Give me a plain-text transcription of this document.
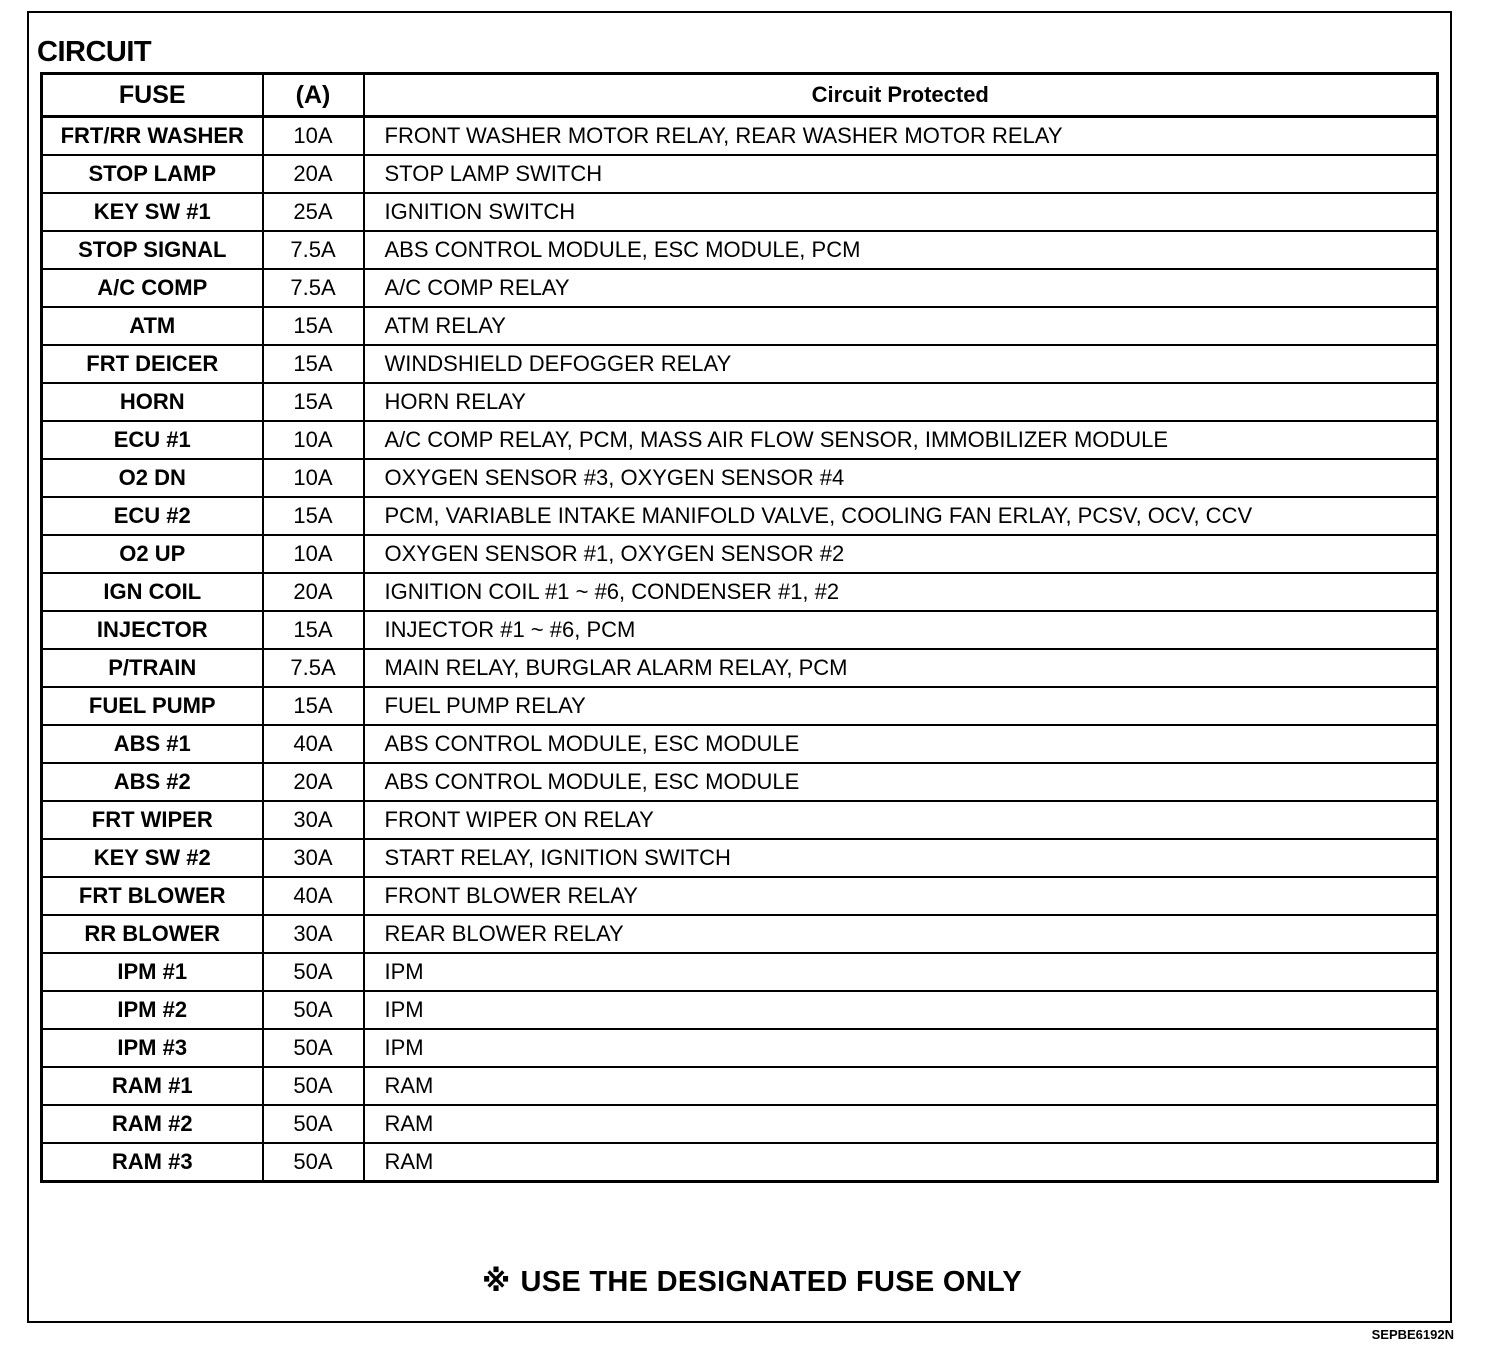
CIRCUIT
FUSE	(A)	Circuit Protected
FRT/RR WASHER	10A	FRONT WASHER MOTOR RELAY, REAR WASHER MOTOR RELAY
STOP LAMP	20A	STOP LAMP SWITCH
KEY SW #1	25A	IGNITION SWITCH
STOP SIGNAL	7.5A	ABS CONTROL MODULE, ESC MODULE, PCM
A/C COMP	7.5A	A/C COMP RELAY
ATM	15A	ATM RELAY
FRT DEICER	15A	WINDSHIELD DEFOGGER RELAY
HORN	15A	HORN RELAY
ECU #1	10A	A/C COMP RELAY, PCM, MASS AIR FLOW SENSOR, IMMOBILIZER MODULE
O2 DN	10A	OXYGEN SENSOR #3, OXYGEN SENSOR #4
ECU #2	15A	PCM, VARIABLE INTAKE MANIFOLD VALVE, COOLING FAN ERLAY, PCSV, OCV, CCV
O2 UP	10A	OXYGEN SENSOR #1, OXYGEN SENSOR #2
IGN COIL	20A	IGNITION COIL #1 ~ #6, CONDENSER #1, #2
INJECTOR	15A	INJECTOR #1 ~ #6, PCM
P/TRAIN	7.5A	MAIN RELAY, BURGLAR ALARM RELAY, PCM
FUEL PUMP	15A	FUEL PUMP RELAY
ABS #1	40A	ABS CONTROL MODULE, ESC MODULE
ABS #2	20A	ABS CONTROL MODULE, ESC MODULE
FRT WIPER	30A	FRONT WIPER ON RELAY
KEY SW #2	30A	START RELAY, IGNITION SWITCH
FRT BLOWER	40A	FRONT BLOWER RELAY
RR BLOWER	30A	REAR BLOWER RELAY
IPM #1	50A	IPM
IPM #2	50A	IPM
IPM #3	50A	IPM
RAM #1	50A	RAM
RAM #2	50A	RAM
RAM #3	50A	RAM
※ USE THE DESIGNATED FUSE ONLY
SEPBE6192N
